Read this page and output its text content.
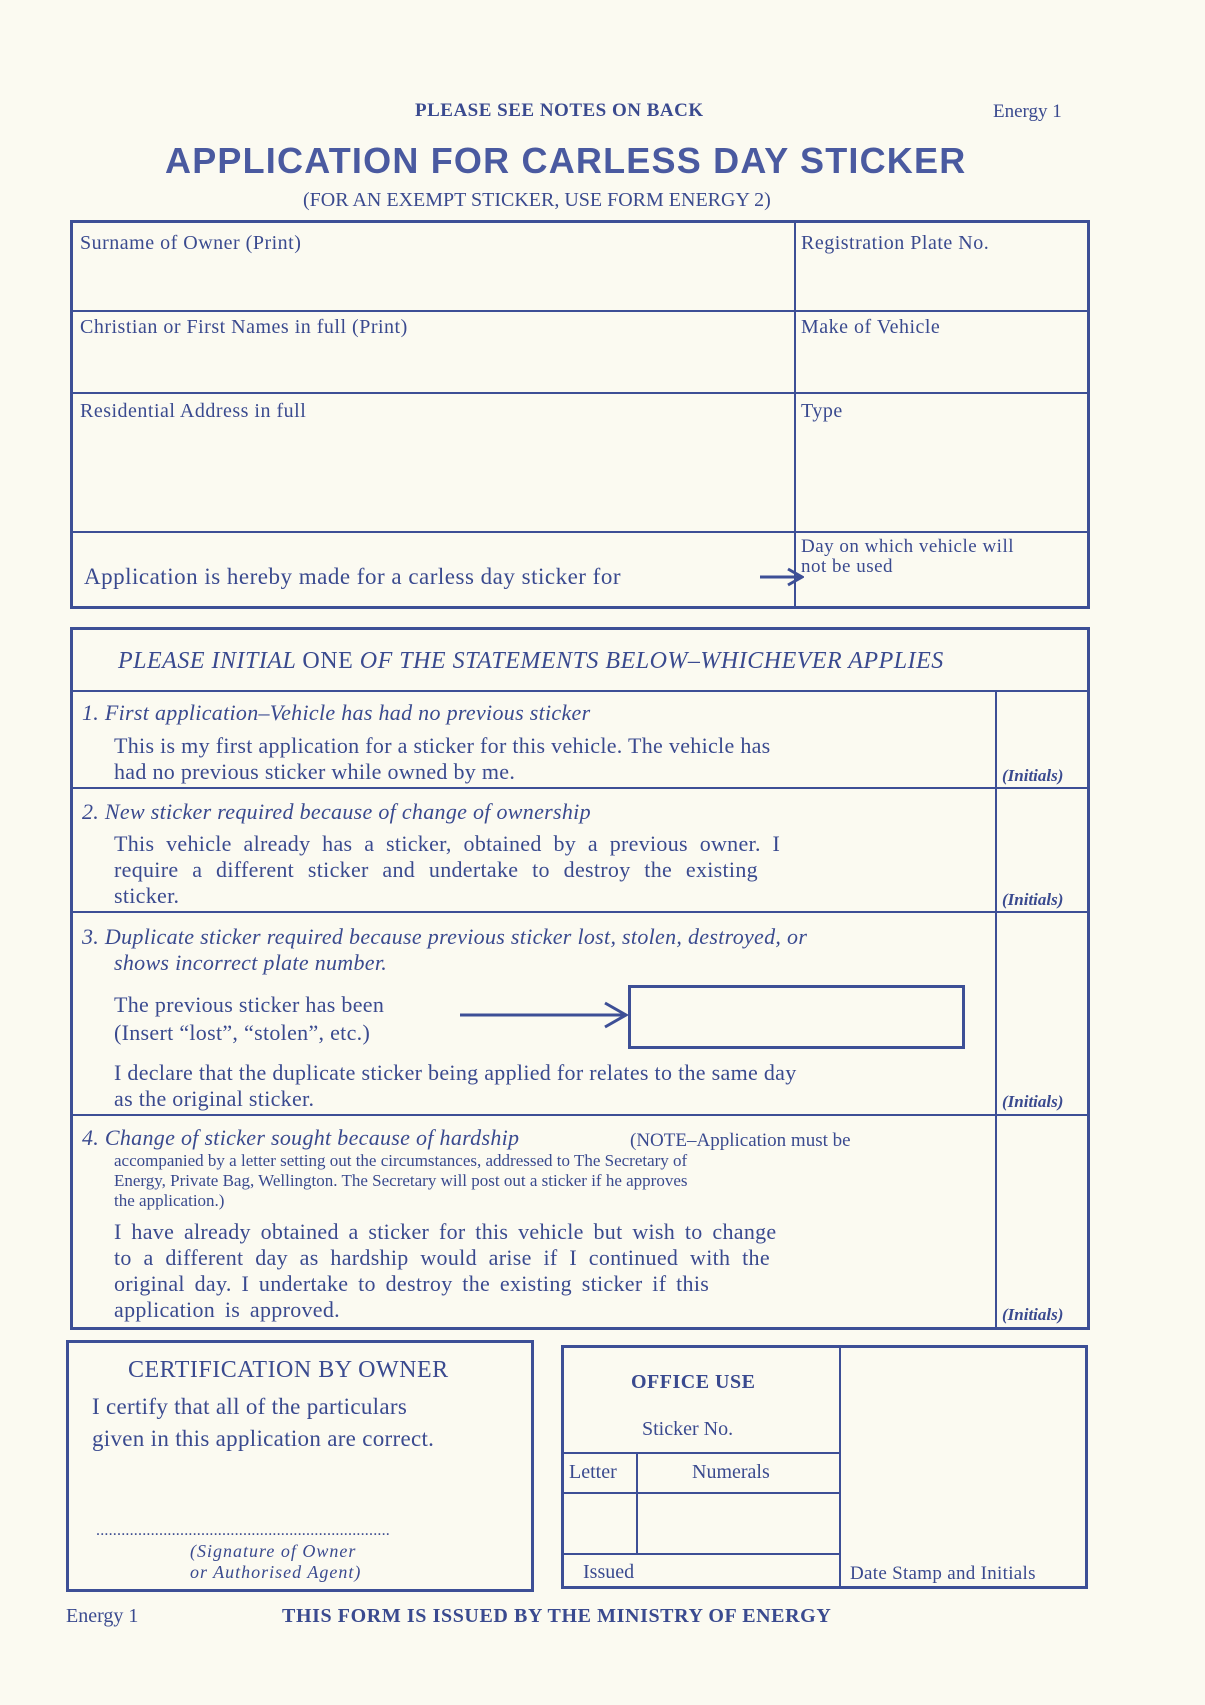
PLEASE SEE NOTES ON BACK	Energy 1
APPLICATION FOR CARLESS DAY STICKER
(FOR AN EXEMPT STICKER, USE FORM ENERGY 2)
Surname of Owner (Print)	Registration Plate No.
Christian or First Names in full (Print)	Make of Vehicle
Residential Address in full	Type
Application is hereby made for a carless day sticker for
Day on which vehicle will
not be used
PLEASE INITIAL ONE OF THE STATEMENTS BELOW–WHICHEVER APPLIES
1. First application–Vehicle has had no previous sticker
This is my first application for a sticker for this vehicle. The vehicle has
had no previous sticker while owned by me.	(Initials)
2. New sticker required because of change of ownership
This vehicle already has a sticker, obtained by a previous owner. I
require a different sticker and undertake to destroy the existing
sticker.	(Initials)
3. Duplicate sticker required because previous sticker lost, stolen, destroyed, or
shows incorrect plate number.
The previous sticker has been
(Insert “lost”, “stolen”, etc.)
I declare that the duplicate sticker being applied for relates to the same day
as the original sticker.	(Initials)
4. Change of sticker sought because of hardship	(NOTE–Application must be
accompanied by a letter setting out the circumstances, addressed to The Secretary of
Energy, Private Bag, Wellington. The Secretary will post out a sticker if he approves
the application.)
I have already obtained a sticker for this vehicle but wish to change
to a different day as hardship would arise if I continued with the
original day. I undertake to destroy the existing sticker if this
application is approved.	(Initials)
CERTIFICATION BY OWNER
I certify that all of the particulars
given in this application are correct.
......................................................................
(Signature of Owner
or Authorised Agent)
OFFICE USE
Sticker No.
Letter	Numerals
Issued	Date Stamp and Initials
Energy 1	THIS FORM IS ISSUED BY THE MINISTRY OF ENERGY
